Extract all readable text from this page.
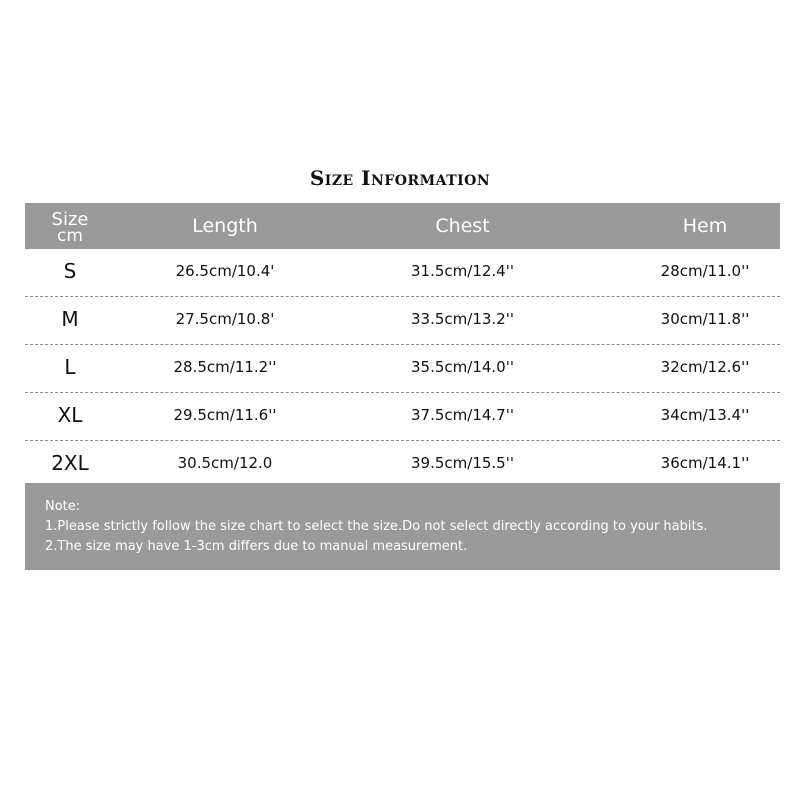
Size Information
Size
cm	Length	Chest	Hem
S	26.5cm/10.4'	31.5cm/12.4''	28cm/11.0''
M	27.5cm/10.8'	33.5cm/13.2''	30cm/11.8''
L	28.5cm/11.2''	35.5cm/14.0''	32cm/12.6''
XL	29.5cm/11.6''	37.5cm/14.7''	34cm/13.4''
2XL	30.5cm/12.0	39.5cm/15.5''	36cm/14.1''
Note:
1.Please strictly follow the size chart to select the size.Do not select directly according to your habits.
2.The size may have 1-3cm differs due to manual measurement.
